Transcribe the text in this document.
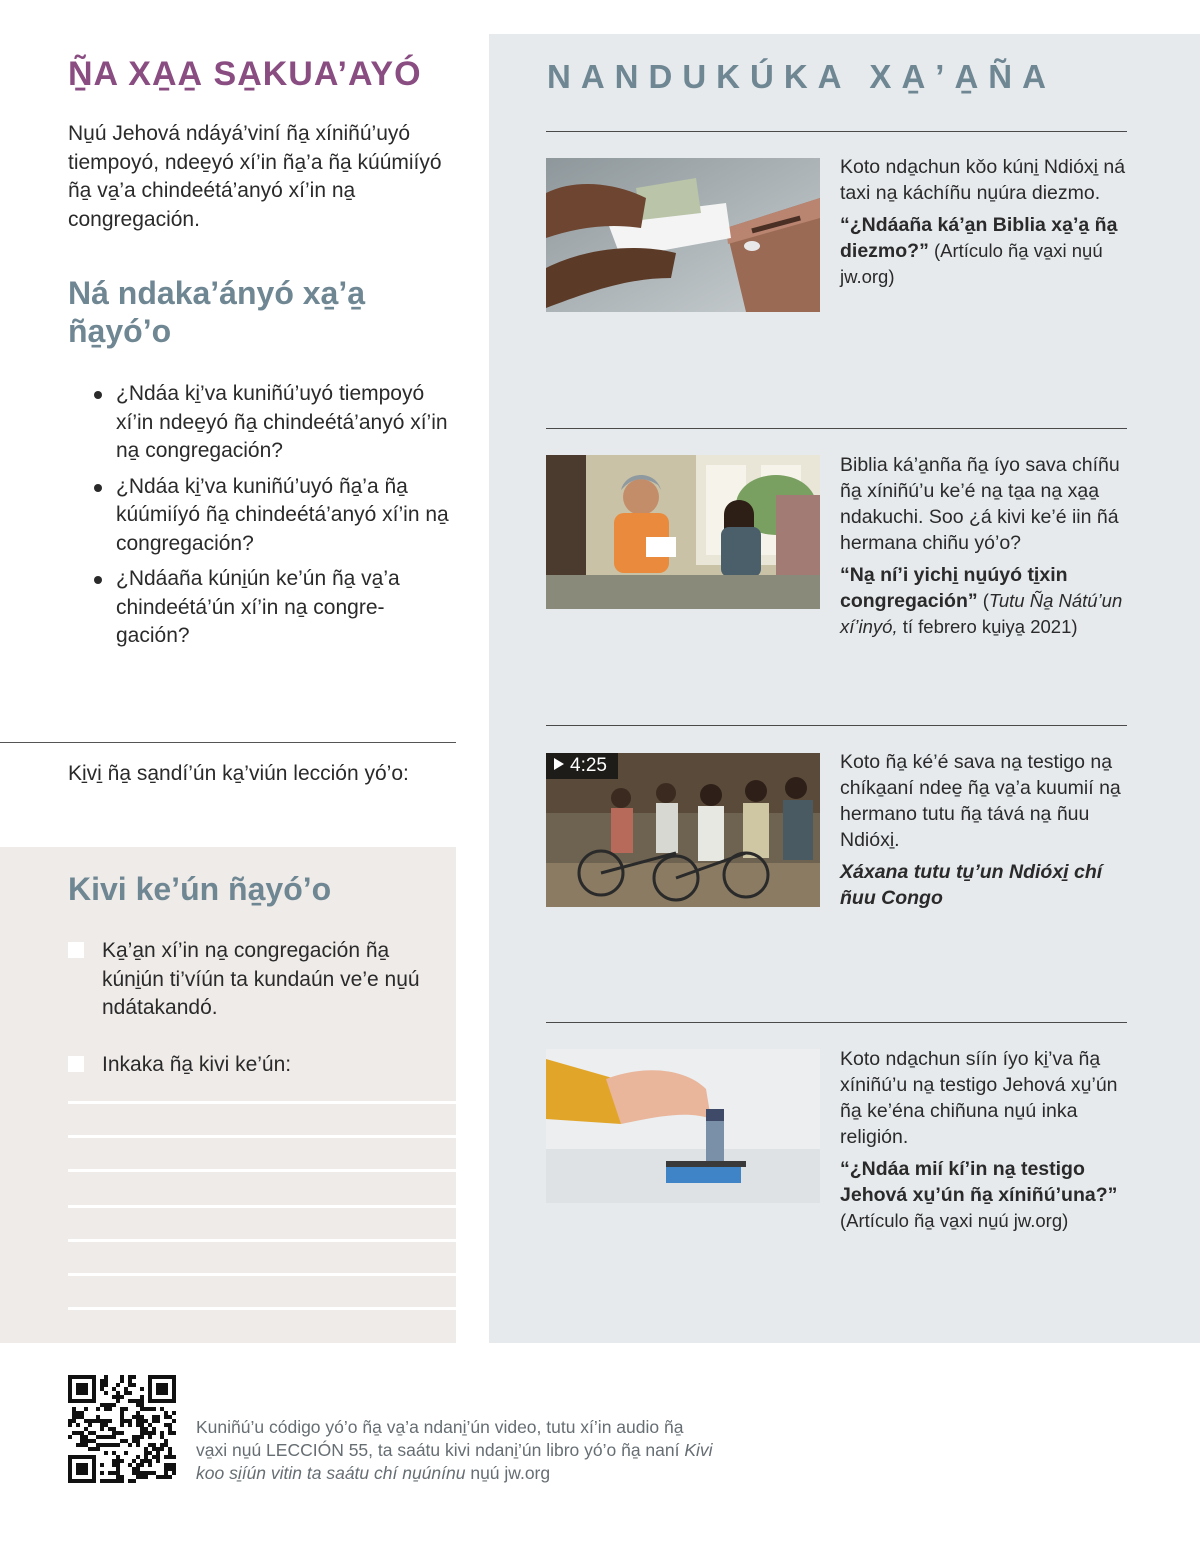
Ṉ̃A XA̱A̱ SA̱KUA’AYÓ

Nu̱ú Jehová ndáyá’viní ña̱ xíniñú’uyó tiempoyó, ndee̱yó xí’in ña̱’a ña̱ kúúmiíyó ña̱ va̱’a chindeétá’anyó xí’in na̱ congregación.

Ná ndaka’ányó xa̱’a̱ ña̱yó’o
¿Ndáa ki̱’va kuniñú’uyó tiempoyó xí’in ndee̱yó ña̱ chindeétá’anyó xí’in na̱ congregación?
¿Ndáa ki̱’va kuniñú’uyó ña̱’a ña̱ kúúmiíyó ña̱ chindeétá’anyó xí’in na̱ congregación?
¿Ndáaña kúni̱ún ke’ún ña̱ va̱’a chindeétá’ún xí’in na̱ congre-gación?

Ki̱vi̱ ña̱ sa̱ndí’ún ka̱’viún lección yó’o:

Kivi ke’ún ña̱yó’o
Ka̱’a̱n xí’in na̱ congregación ña̱ kúni̱ún ti’víún ta kundaún ve’e nu̱ú ndátakandó.
Inkaka ña̱ kivi ke’ún:
NANDUKÚKA XA̱’A̱ÑA

Koto nda̱chun kǒo kúni̱ Ndióxi̱ ná taxi na̱ káchíñu nu̱úra diezmo.

“¿Ndáaña ká’a̱n Biblia xa̱’a̱ ña̱ diezmo?” (Artículo ña̱ va̱xi nu̱ú jw.org)

Biblia ká’a̱nña ña̱ íyo sava chíñu ña̱ xíniñú’u ke’é na̱ ta̱a na̱ xa̱a̱ ndakuchi. Soo ¿á kivi ke’é iin ñá hermana chiñu yó’o?

“Na̱ ní’i yichi̱ nu̱úyó ti̱xin congregación” (Tutu Ña̱ Nátú’un xí’inyó, tí febrero ku̱iya̱ 2021)

4:25	Koto ña̱ ké’é sava na̱ testigo na̱ chíka̱aní ndee̱ ña̱ va̱’a kuumií na̱ hermano tutu ña̱ tává na̱ ñuu Ndióxi̱.

Xáxana tutu tu̱’un Ndióxi̱ chí ñuu Congo

Koto nda̱chun síín íyo ki̱’va ña̱ xíniñú’u na̱ testigo Jehová xu̱’ún ña̱ ke’éna chiñuna nu̱ú inka religión.

“¿Ndáa mií kí’in na̱ testigo Jehová xu̱’ún ña̱ xíniñú’una?”
(Artículo ña̱ va̱xi nu̱ú jw.org)

Kuniñú’u código yó’o ña̱ va̱’a ndani̱’ún video, tutu xí’in audio ña̱ va̱xi nu̱ú LECCIÓN 55, ta saátu kivi ndani̱’ún libro yó’o ña̱ naní Kivi koo si̱íún vitin ta saátu chí nu̱únínu nu̱ú jw.org
